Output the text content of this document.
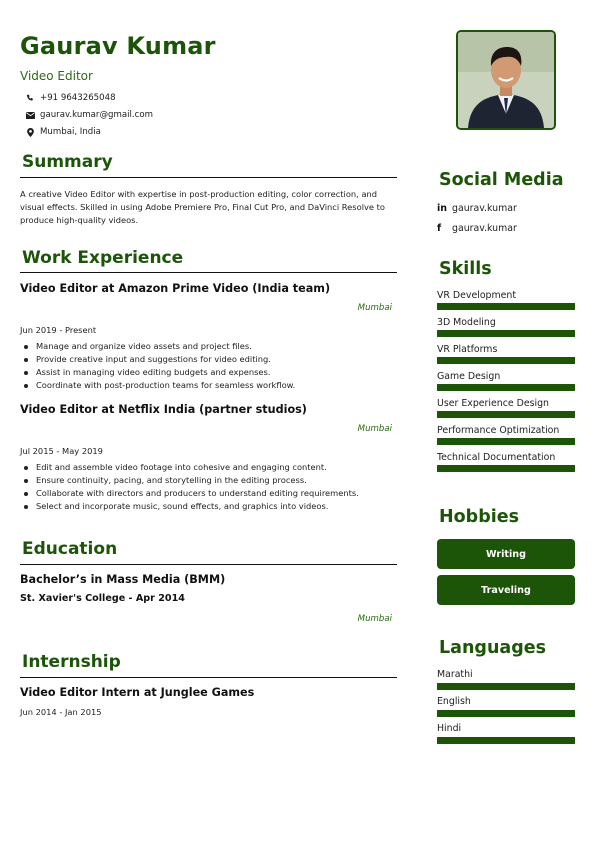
Gaurav Kumar
Video Editor
+91 9643265048
gaurav.kumar@gmail.com
Mumbai, India
Summary
A creative Video Editor with expertise in post-production editing, color correction, and visual effects. Skilled in using Adobe Premiere Pro, Final Cut Pro, and DaVinci Resolve to produce high-quality videos.
Work Experience
Video Editor at Amazon Prime Video (India team)
Mumbai
Jun 2019 - Present
Manage and organize video assets and project files.
Provide creative input and suggestions for video editing.
Assist in managing video editing budgets and expenses.
Coordinate with post-production teams for seamless workflow.
Video Editor at Netflix India (partner studios)
Mumbai
Jul 2015 - May 2019
Edit and assemble video footage into cohesive and engaging content.
Ensure continuity, pacing, and storytelling in the editing process.
Collaborate with directors and producers to understand editing requirements.
Select and incorporate music, sound effects, and graphics into videos.
Education
Bachelor’s in Mass Media (BMM)
St. Xavier's College - Apr 2014
Mumbai
Internship
Video Editor Intern at Junglee Games
Jun 2014 - Jan 2015
Social Media
in gaurav.kumar
f	gaurav.kumar
Skills
VR Development
3D Modeling
VR Platforms
Game Design
User Experience Design
Performance Optimization
Technical Documentation
Hobbies
Writing
Traveling
Languages
Marathi
English
Hindi
